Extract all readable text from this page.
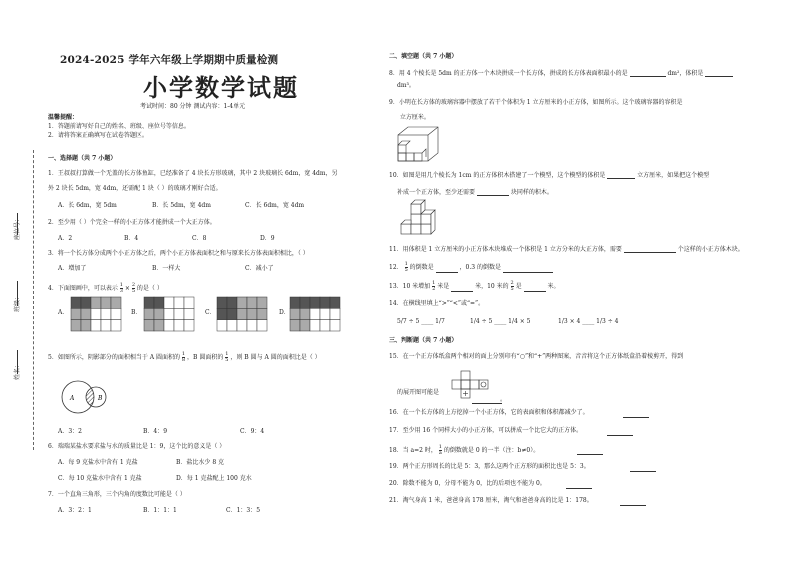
座位号：
班级：
姓名：
2024-2025 学年六年级上学期期中质量检测
小学数学试题
考试时间：80 分钟 测试内容：1-4单元
温馨提醒：
1．答题前请写好自己的姓名、班级、座位号等信息。
2．请将答案正确填写在试卷答题区。
一、选择题（共 7 小题）
1．王叔叔打算做一个无盖的长方体鱼缸，已经准备了 4 块长方形玻璃，其中 2 块玻璃长 6dm，宽 4dm，另
外 2 块长 5dm，宽 4dm，还需配 1 块（ ）的玻璃才刚好合适。
A．长 6dm，宽 5dm	B．长 5dm，宽 4dm	C．长 6dm，宽 4dm
2．至少用（ ）个完全一样的小正方体才能拼成一个大正方体。
A．2	B．4	C．8	D．9
3．将一个长方体分成两个小正方体之后，两个小正方体表面积之和与原来长方体表面积相比，（ ）
A．增加了	B．一样大	C．减小了
4．下面图画中，可以表示 $\frac{1}{3} \times \frac{2}{5}$ 的是（ ）
A．	B．	C．	D．
5．如图所示，阴影部分的面积相当于 A 圆面积的 $\frac{1}{8}$ ，B 圆面积的 $\frac{1}{5}$ ，则 B 圆与 A 圆的面积比是（ ）
A	B
A．3：2	B．4：9	C．9：4
6．瑞瑞某盐水要求盐与水的质量比是 1：9，这个比的意义是（ ）
A．每 9 克盐水中含有 1 克盐	B．盐比水少 8 克
C．每 10 克盐水中含有 1 克盐	D．每 1 克盐配上 100 克水
7．一个直角三角形，三个内角的度数比可能是（ ）
A．3：2：1	B．1：1：1	C．1：3：5
二、填空题（共 7 小题）
8．用 4 个棱长是 5dm 的正方体一个木块拼成一个长方体，拼成的长方体表面积最小的是	dm²，体积是
dm³。
9．小明在长方体的玻璃容器中摆放了若干个体积为 1 立方厘米的小正方体，如图所示。这个玻璃容器的容积是
立方厘米。
10．如图是用几个棱长为 1cm 的正方体积木搭建了一个模型，这个模型的体积是	立方厘米，如果把这个模型
补成一个正方体，至少还需要	块同样的积木。
11．用体积是 1 立方厘米的小正方体木块堆成一个体积是 1 立方分米的大正方体，需要	个这样的小正方体木块。
12． $\frac{1}{5}$ 的倒数是	，0.3 的倒数是
13．10 米增加 $\frac{1}{2}$ 米是	米，10 米的 $\frac{2}{5}$ 是	米。
14．在横线里填上“>”“<”或“=”。
5/7 ÷ 5 ____ 1/7	1/4 ÷ 5 ____ 1/4 × 5	1/3 × 4 ____ 1/3 ÷ 4
三、判断题（共 7 小题）
15．在一个正方体纸盒两个相对的面上分别印有“○”和“+”两种图案，音音将这个正方体纸盒沿着棱剪开，得到
的展开图可能是
。
16．在一个长方体的上方挖掉一个小正方体，它的表面积和体积都减少了。
17．至少用 16 个同样大小的小正方体，可以拼成一个比它大的正方体。
18．当 a=2 时， $\frac{1}{a}$ 的倒数就是 0 的一半（注：b≠0）。
19．两个正方形周长的比是 5：3，那么这两个正方形的面积比也是 5：3。
20．除数不能为 0，分母不能为 0，比的后项也不能为 0。
21．淘气身高 1 米，爸爸身高 178 厘米，淘气和爸爸身高的比是 1：178。
